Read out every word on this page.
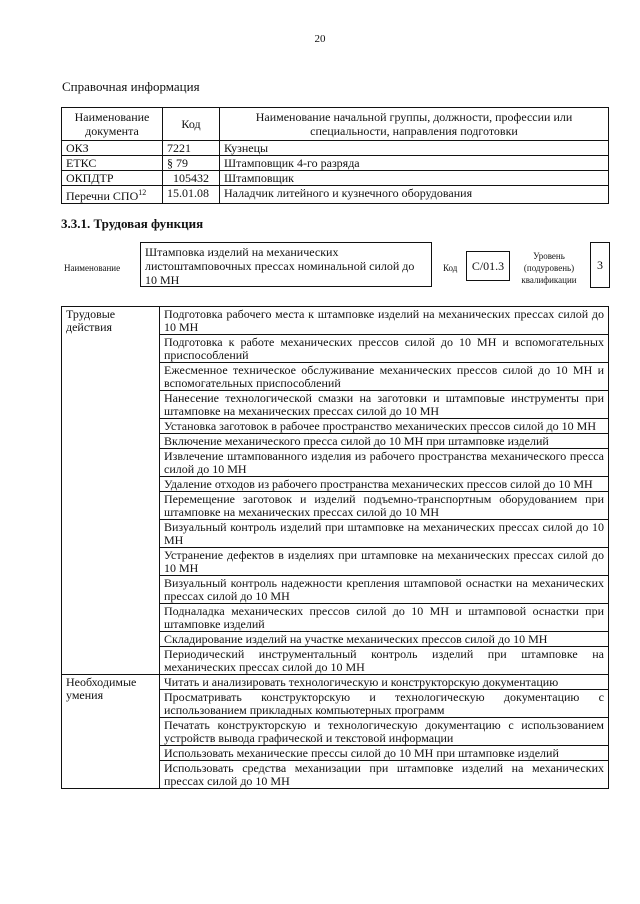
20
Справочная информация
Наименование документа	Код	Наименование начальной группы, должности, профессии или специальности, направления подготовки
ОКЗ	7221	Кузнецы
ЕТКС	§ 79	Штамповщик 4-го разряда
ОКПДТР	105432	Штамповщик
Перечни СПО$^{12}$	15.01.08	Наладчик литейного и кузнечного оборудования
3.3.1. Трудовая функция
Наименование
Штамповка изделий на механических листоштамповочных прессах номинальной силой до 10 МН
Код	С/01.3
Уровень (подуровень) квалификации
3
Трудовые действия	Подготовка рабочего места к штамповке изделий на механических прессах силой до 10 МН
	Подготовка к работе механических прессов силой до 10 МН и вспомогательных приспособлений
	Ежесменное техническое обслуживание механических прессов силой до 10 МН и вспомогательных приспособлений
	Нанесение технологической смазки на заготовки и штамповые инструменты при штамповке на механических прессах силой до 10 МН
	Установка заготовок в рабочее пространство механических прессов силой до 10 МН
	Включение механического пресса силой до 10 МН при штамповке изделий
	Извлечение штампованного изделия из рабочего пространства механического пресса силой до 10 МН
	Удаление отходов из рабочего пространства механических прессов силой до 10 МН
	Перемещение заготовок и изделий подъемно-транспортным оборудованием при штамповке на механических прессах силой до 10 МН
	Визуальный контроль изделий при штамповке на механических прессах силой до 10 МН
	Устранение дефектов в изделиях при штамповке на механических прессах силой до 10 МН
	Визуальный контроль надежности крепления штамповой оснастки на механических прессах силой до 10 МН
	Подналадка механических прессов силой до 10 МН и штамповой оснастки при штамповке изделий
	Складирование изделий на участке механических прессов силой до 10 МН
	Периодический инструментальный контроль изделий при штамповке на механических прессах силой до 10 МН
Необходимые умения	Читать и анализировать технологическую и конструкторскую документацию
	Просматривать конструкторскую и технологическую документацию с использованием прикладных компьютерных программ
	Печатать конструкторскую и технологическую документацию с использованием устройств вывода графической и текстовой информации
	Использовать механические прессы силой до 10 МН при штамповке изделий
	Использовать средства механизации при штамповке изделий на механических прессах силой до 10 МН
